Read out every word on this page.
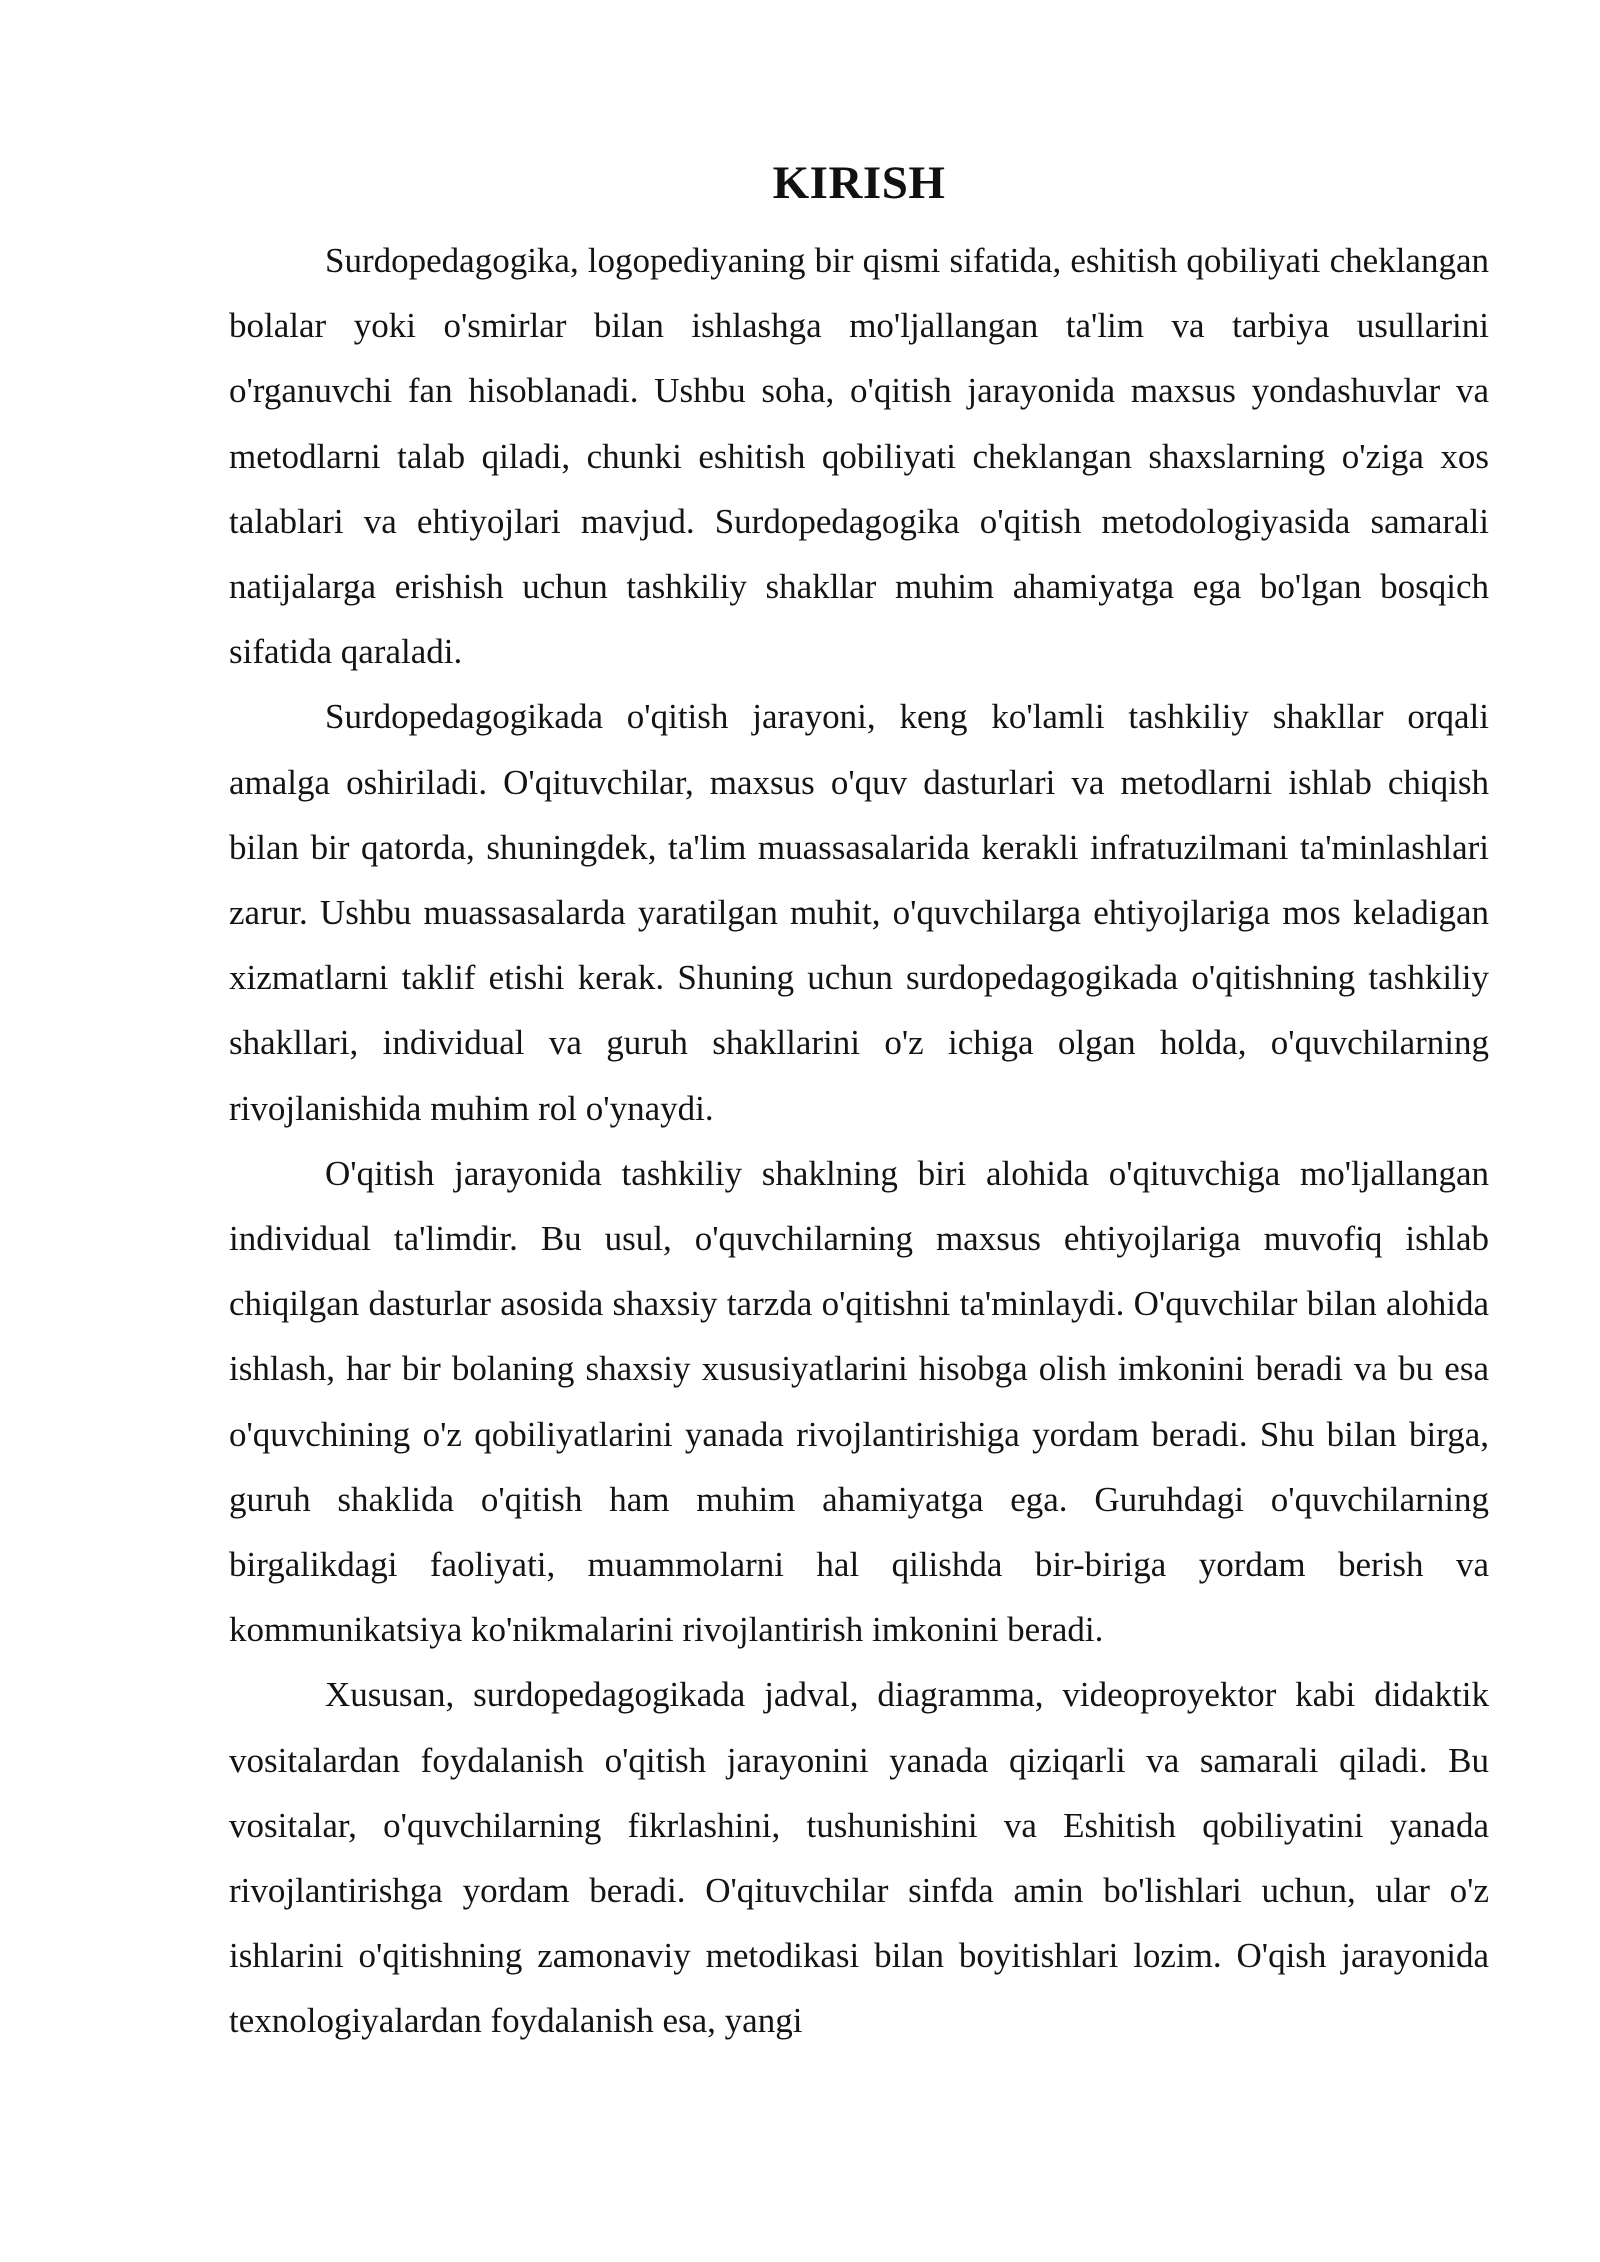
KIRISH

Surdopedagogika, logopediyaning bir qismi sifatida, eshitish qobiliyati cheklangan bolalar yoki o'smirlar bilan ishlashga mo'ljallangan ta'lim va tarbiya usullarini o'rganuvchi fan hisoblanadi. Ushbu soha, o'qitish jarayonida maxsus yondashuvlar va metodlarni talab qiladi, chunki eshitish qobiliyati cheklangan shaxslarning o'ziga xos talablari va ehtiyojlari mavjud. Surdopedagogika o'qitish metodologiyasida samarali natijalarga erishish uchun tashkiliy shakllar muhim ahamiyatga ega bo'lgan bosqich sifatida qaraladi.

Surdopedagogikada o'qitish jarayoni, keng ko'lamli tashkiliy shakllar orqali amalga oshiriladi. O'qituvchilar, maxsus o'quv dasturlari va metodlarni ishlab chiqish bilan bir qatorda, shuningdek, ta'lim muassasalarida kerakli infratuzilmani ta'minlashlari zarur. Ushbu muassasalarda yaratilgan muhit, o'quvchilarga ehtiyojlariga mos keladigan xizmatlarni taklif etishi kerak. Shuning uchun surdopedagogikada o'qitishning tashkiliy shakllari, individual va guruh shakllarini o'z ichiga olgan holda, o'quvchilarning rivojlanishida muhim rol o'ynaydi.

O'qitish jarayonida tashkiliy shaklning biri alohida o'qituvchiga mo'ljallangan individual ta'limdir. Bu usul, o'quvchilarning maxsus ehtiyojlariga muvofiq ishlab chiqilgan dasturlar asosida shaxsiy tarzda o'qitishni ta'minlaydi. O'quvchilar bilan alohida ishlash, har bir bolaning shaxsiy xususiyatlarini hisobga olish imkonini beradi va bu esa o'quvchining o'z qobiliyatlarini yanada rivojlantirishiga yordam beradi. Shu bilan birga, guruh shaklida o'qitish ham muhim ahamiyatga ega. Guruhdagi o'quvchilarning birgalikdagi faoliyati, muammolarni hal qilishda bir-biriga yordam berish va kommunikatsiya ko'nikmalarini rivojlantirish imkonini beradi.

Xususan, surdopedagogikada jadval, diagramma, videoproyektor kabi didaktik vositalardan foydalanish o'qitish jarayonini yanada qiziqarli va samarali qiladi. Bu vositalar, o'quvchilarning fikrlashini, tushunishini va Eshitish qobiliyatini yanada rivojlantirishga yordam beradi. O'qituvchilar sinfda amin bo'lishlari uchun, ular o'z ishlarini o'qitishning zamonaviy metodikasi bilan boyitishlari lozim. O'qish jarayonida texnologiyalardan foydalanish esa, yangi
